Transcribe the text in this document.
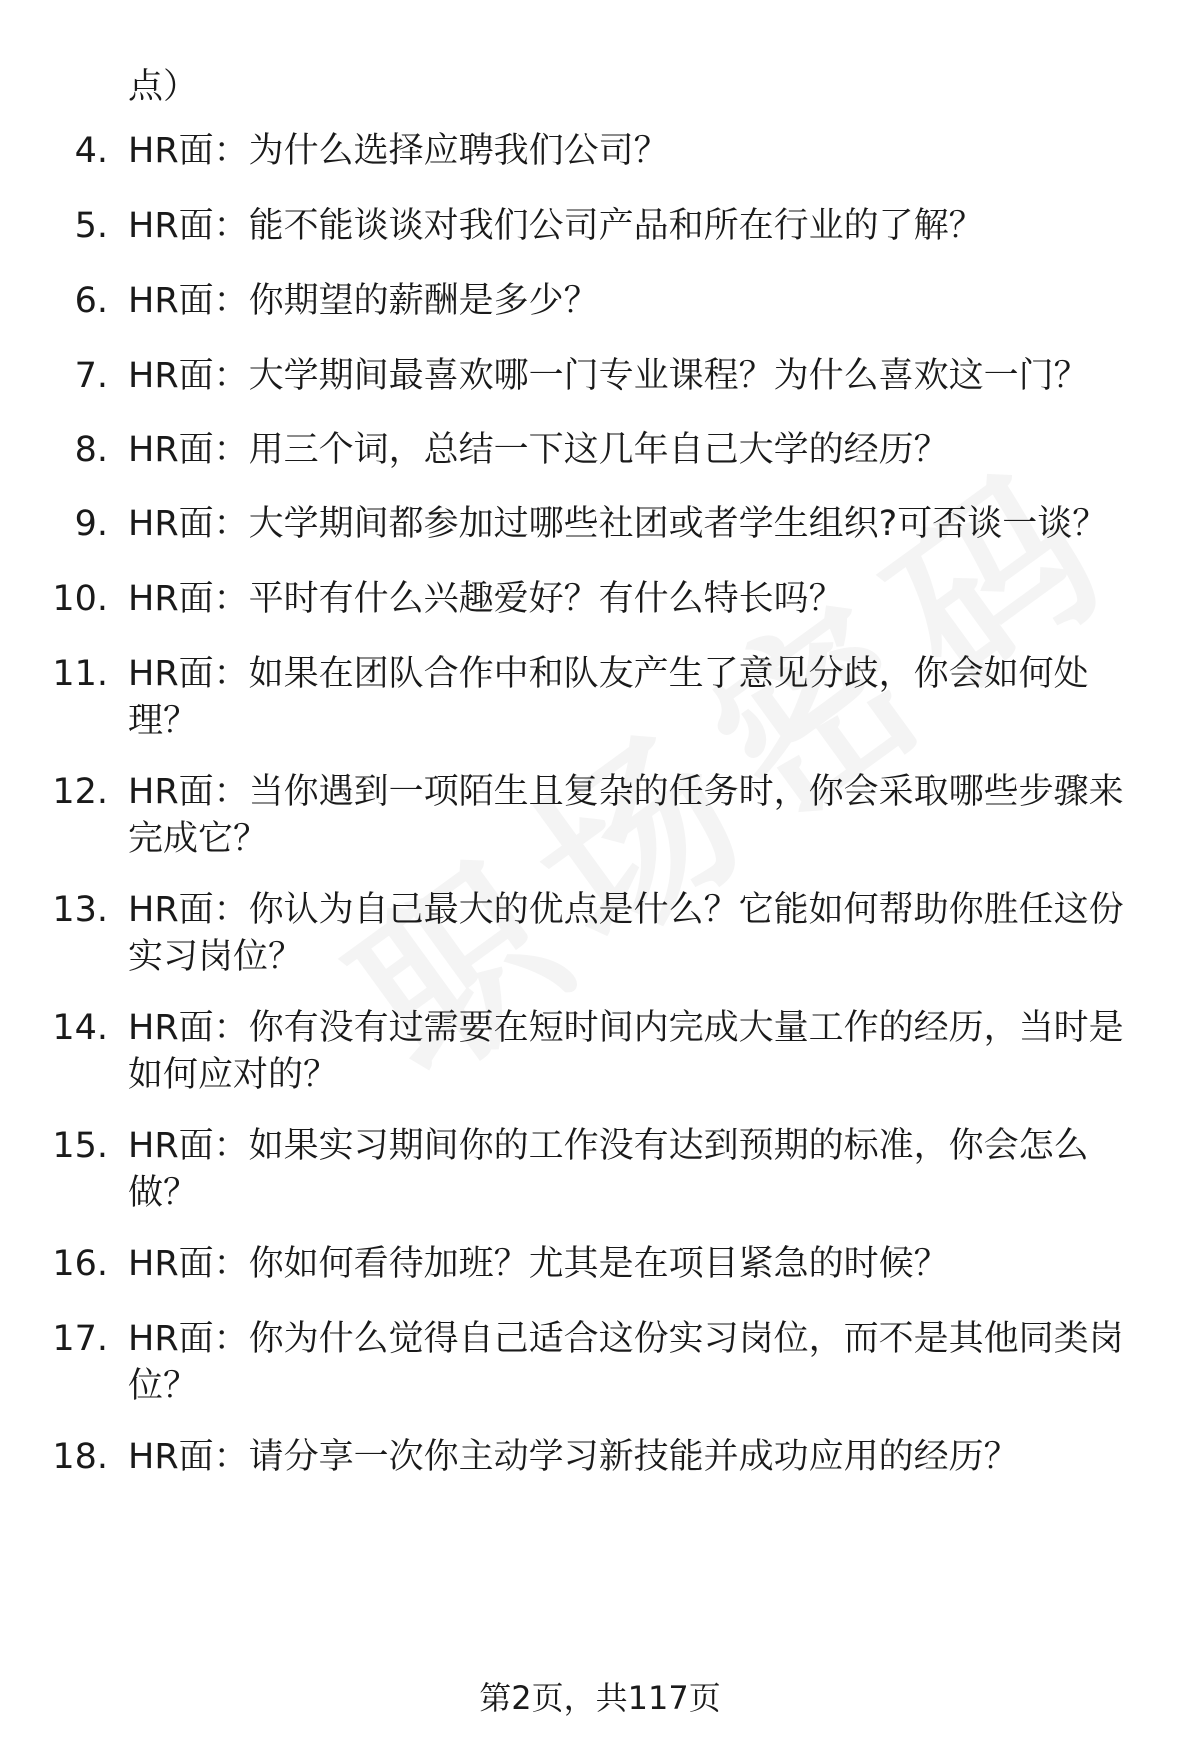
点）
4. HR面：为什么选择应聘我们公司？
5. HR面：能不能谈谈对我们公司产品和所在行业的了解？
6. HR面：你期望的薪酬是多少？
7. HR面：大学期间最喜欢哪一门专业课程？为什么喜欢这一门？
8. HR面：用三个词，总结一下这几年自己大学的经历？
9. HR面：大学期间都参加过哪些社团或者学生组织?可否谈一谈？
10. HR面：平时有什么兴趣爱好？有什么特长吗？
11. HR面：如果在团队合作中和队友产生了意见分歧，你会如何处理？
12. HR面：当你遇到一项陌生且复杂的任务时，你会采取哪些步骤来完成它？
13. HR面：你认为自己最大的优点是什么？它能如何帮助你胜任这份实习岗位？
14. HR面：你有没有过需要在短时间内完成大量工作的经历，当时是如何应对的？
15. HR面：如果实习期间你的工作没有达到预期的标准，你会怎么做？
16. HR面：你如何看待加班？尤其是在项目紧急的时候？
17. HR面：你为什么觉得自己适合这份实习岗位，而不是其他同类岗位？
18. HR面：请分享一次你主动学习新技能并成功应用的经历？
第2页，共117页
